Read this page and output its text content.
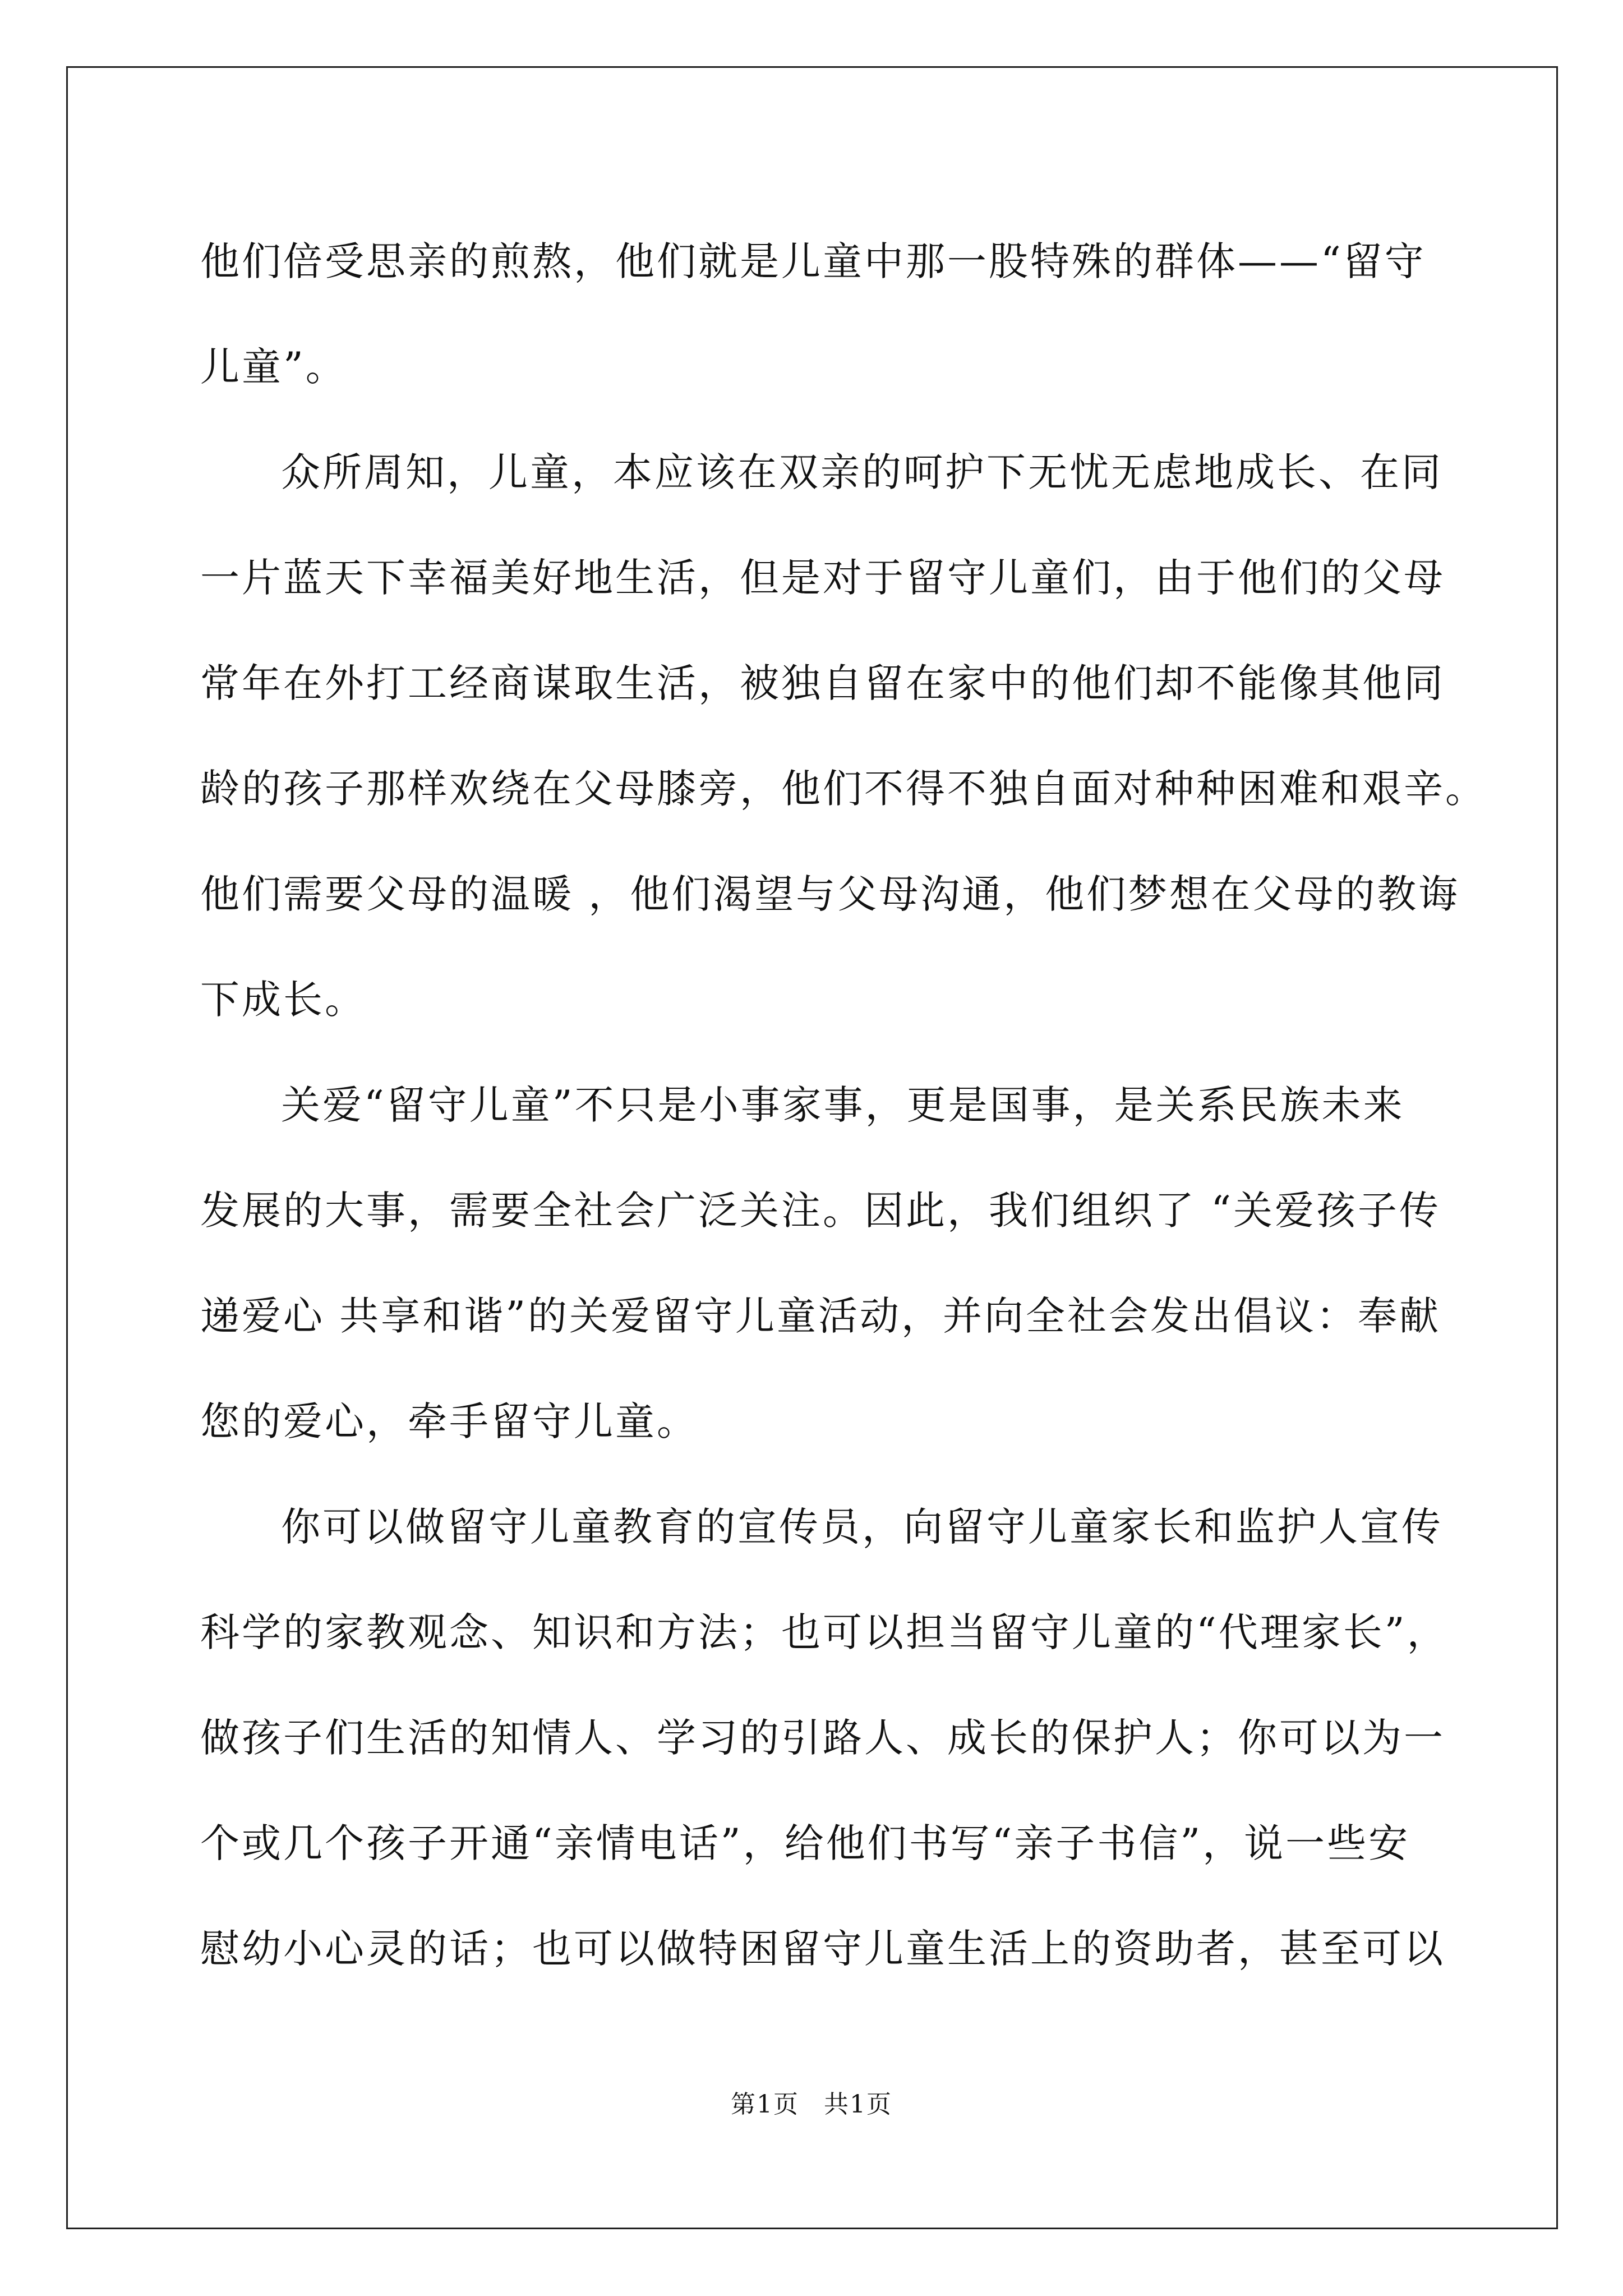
他们倍受思亲的煎熬，他们就是儿童中那一股特殊的群体——“留守
儿童”。
众所周知，儿童，本应该在双亲的呵护下无忧无虑地成长、在同
一片蓝天下幸福美好地生活，但是对于留守儿童们，由于他们的父母
常年在外打工经商谋取生活，被独自留在家中的他们却不能像其他同
龄的孩子那样欢绕在父母膝旁，他们不得不独自面对种种困难和艰辛。
他们需要父母的温暖 ，他们渴望与父母沟通，他们梦想在父母的教诲
下成长。
关爱“留守儿童”不只是小事家事，更是国事，是关系民族未来
发展的大事，需要全社会广泛关注。因此，我们组织了 “关爱孩子传
递爱心 共享和谐”的关爱留守儿童活动，并向全社会发出倡议：奉献
您的爱心，牵手留守儿童。
你可以做留守儿童教育的宣传员，向留守儿童家长和监护人宣传
科学的家教观念、知识和方法；也可以担当留守儿童的“代理家长”，
做孩子们生活的知情人、学习的引路人、成长的保护人；你可以为一
个或几个孩子开通“亲情电话”，给他们书写“亲子书信”，说一些安
慰幼小心灵的话；也可以做特困留守儿童生活上的资助者，甚至可以
第1页 共1页
